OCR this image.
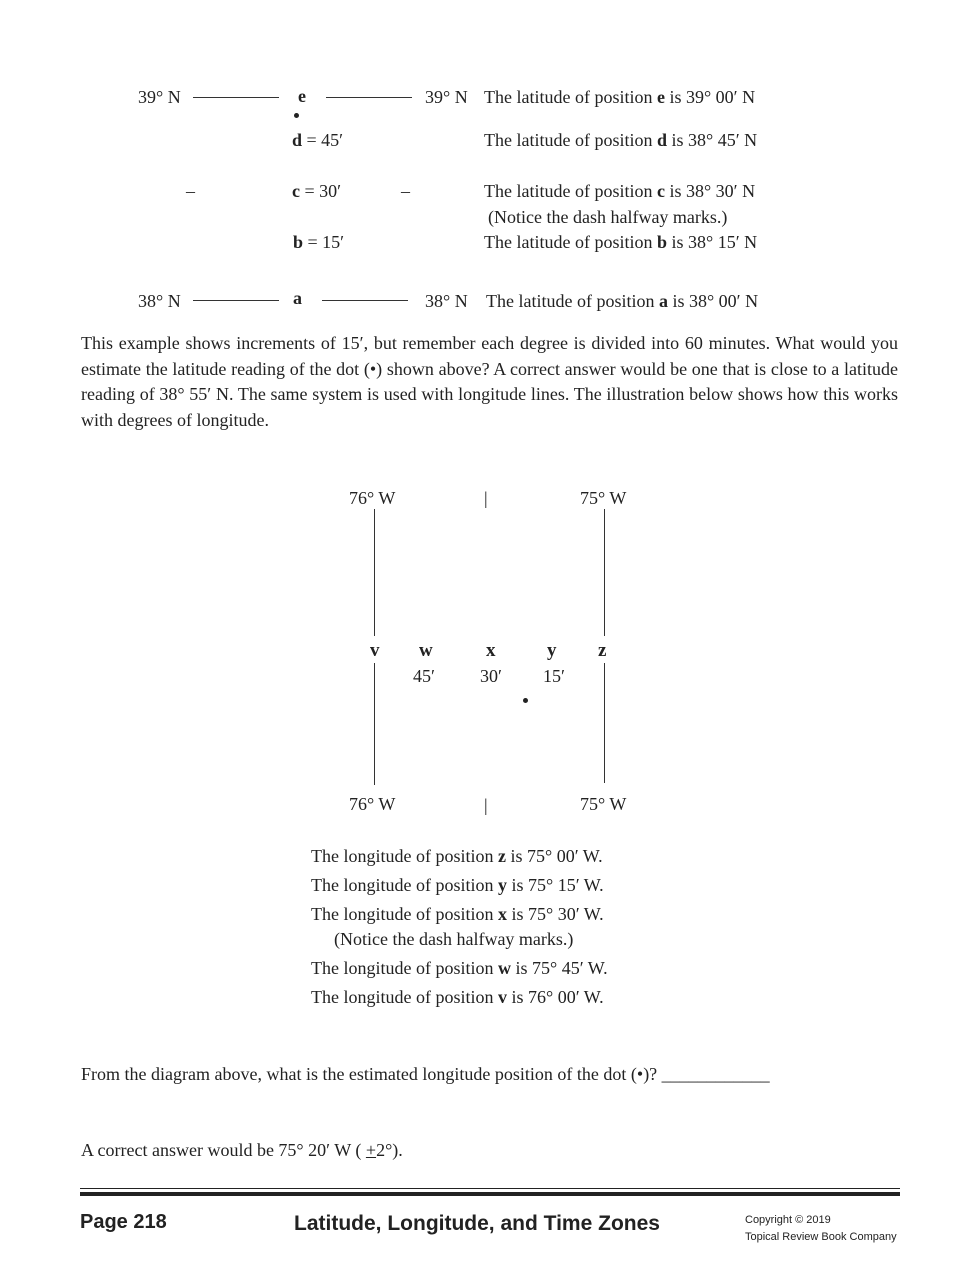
39° N	e	39° N The latitude of position e is 39° 00′ N
d = 45′	The latitude of position d is 38° 45′ N
–	c = 30′	–	The latitude of position c is 38° 30′ N
(Notice the dash halfway marks.)
b = 15′	The latitude of position b is 38° 15′ N
38° N	a	38° N The latitude of position a is 38° 00′ N
This example shows increments of 15′, but remember each degree is divided into 60 minutes. What would you estimate the latitude reading of the dot (•) shown above? A correct answer would be one that is close to a latitude reading of 38° 55′ N. The same system is used with longitude lines. The illustration below shows how this works with degrees of longitude.
76° W	|	75° W
v w	x	y z
45′	30′ 15′
76° W	|	75° W
The longitude of position z is 75° 00′ W.
The longitude of position y is 75° 15′ W.
The longitude of position x is 75° 30′ W.
(Notice the dash halfway marks.)
The longitude of position w is 75° 45′ W.
The longitude of position v is 76° 00′ W.
From the diagram above, what is the estimated longitude position of the dot (•)? ____________
A correct answer would be 75° 20′ W ( +2°).
Page 218	Latitude, Longitude, and Time Zones	Copyright © 2019
Topical Review Book Company
